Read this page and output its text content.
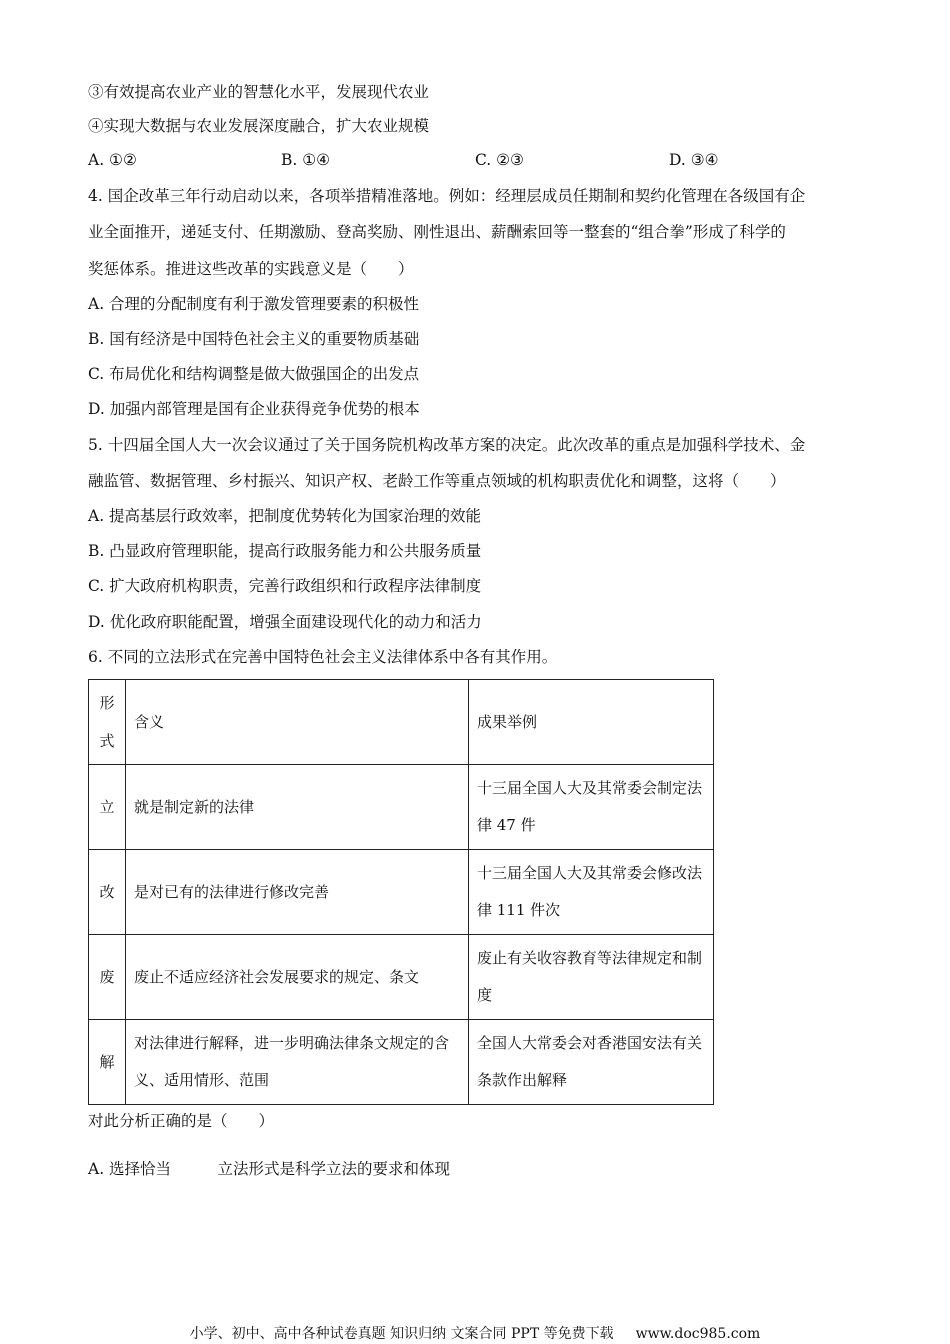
③有效提高农业产业的智慧化水平，发展现代农业
④实现大数据与农业发展深度融合，扩大农业规模
A. ①②	B. ①④	C. ②③	D. ③④
4. 国企改革三年行动启动以来，各项举措精准落地。例如：经理层成员任期制和契约化管理在各级国有企
业全面推开，递延支付、任期激励、登高奖励、刚性退出、薪酬索回等一整套的“组合拳”形成了科学的
奖惩体系。推进这些改革的实践意义是（　　）
A. 合理的分配制度有利于激发管理要素的积极性
B. 国有经济是中国特色社会主义的重要物质基础
C. 布局优化和结构调整是做大做强国企的出发点
D. 加强内部管理是国有企业获得竞争优势的根本
5. 十四届全国人大一次会议通过了关于国务院机构改革方案的决定。此次改革的重点是加强科学技术、金
融监管、数据管理、乡村振兴、知识产权、老龄工作等重点领域的机构职责优化和调整，这将（　　）
A. 提高基层行政效率，把制度优势转化为国家治理的效能
B. 凸显政府管理职能，提高行政服务能力和公共服务质量
C. 扩大政府机构职责，完善行政组织和行政程序法律制度
D. 优化政府职能配置，增强全面建设现代化的动力和活力
6. 不同的立法形式在完善中国特色社会主义法律体系中各有其作用。
形式	含义	成果举例
立	就是制定新的法律	十三届全国人大及其常委会制定法律 47 件
改	是对已有的法律进行修改完善	十三届全国人大及其常委会修改法律 111 件次
废	废止不适应经济社会发展要求的规定、条文	废止有关收容教育等法律规定和制度
解	对法律进行解释，进一步明确法律条文规定的含义、适用情形、范围	全国人大常委会对香港国安法有关条款作出解释
对此分析正确的是（　　）
A. 选择恰当　　　立法形式是科学立法的要求和体现
小学、初中、高中各种试卷真题 知识归纳 文案合同 PPT 等免费下载 www.doc985.com
